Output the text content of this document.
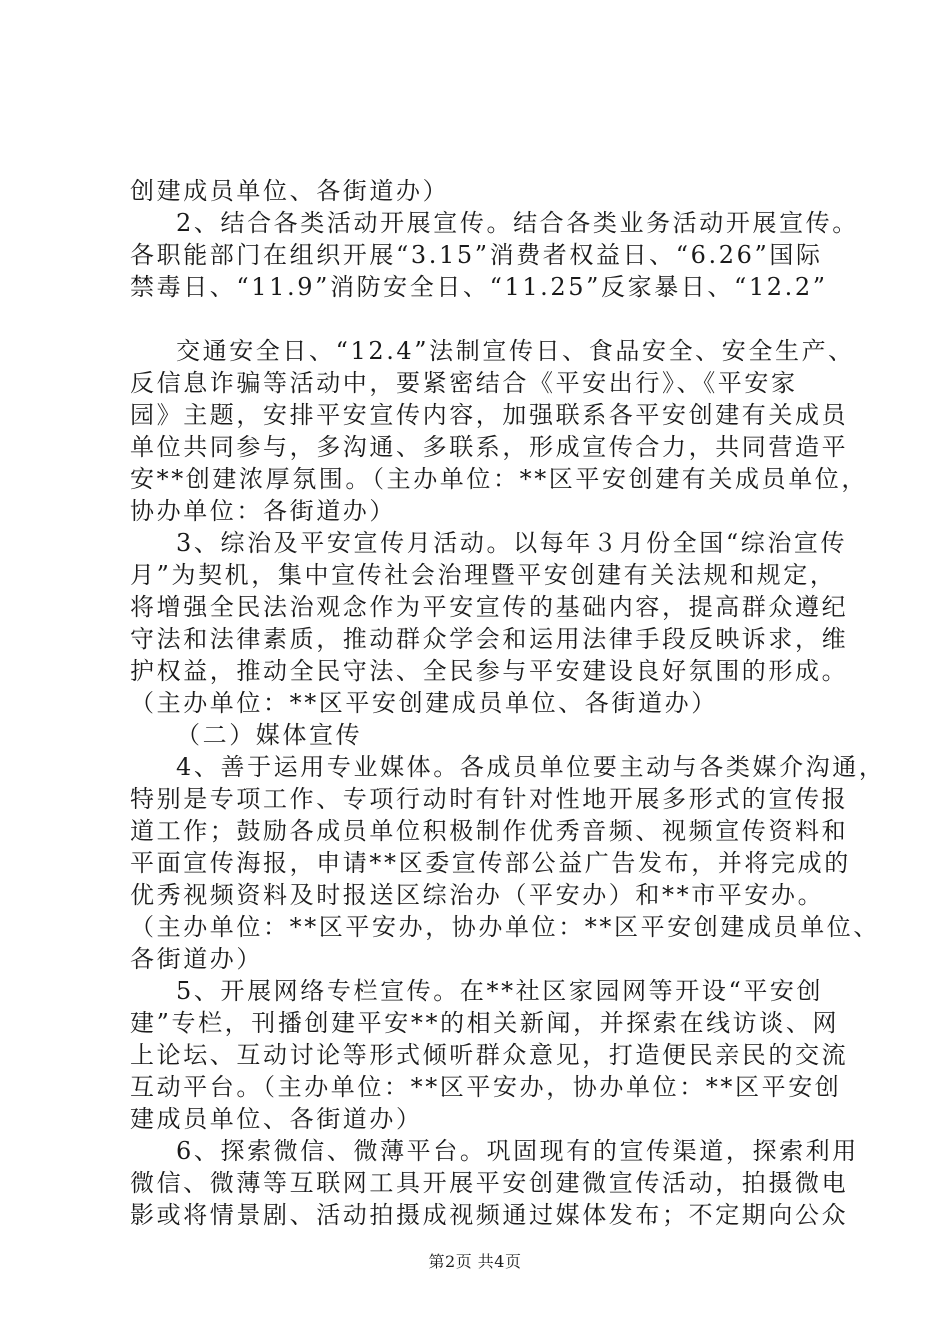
创建成员单位、各街道办）
2、结合各类活动开展宣传。结合各类业务活动开展宣传。
各职能部门在组织开展“3.15”消费者权益日、“6.26”国际
禁毒日、“11.9”消防安全日、“11.25”反家暴日、“12.2”
交通安全日、“12.4”法制宣传日、食品安全、安全生产、
反信息诈骗等活动中，要紧密结合《平安出行》、《平安家
园》主题，安排平安宣传内容，加强联系各平安创建有关成员
单位共同参与，多沟通、多联系，形成宣传合力，共同营造平
安**创建浓厚氛围。（主办单位：**区平安创建有关成员单位，
协办单位：各街道办）
3、综治及平安宣传月活动。以每年３月份全国“综治宣传
月”为契机，集中宣传社会治理暨平安创建有关法规和规定，
将增强全民法治观念作为平安宣传的基础内容，提高群众遵纪
守法和法律素质，推动群众学会和运用法律手段反映诉求，维
护权益，推动全民守法、全民参与平安建设良好氛围的形成。
（主办单位：**区平安创建成员单位、各街道办）
（二）媒体宣传
4、善于运用专业媒体。各成员单位要主动与各类媒介沟通，
特别是专项工作、专项行动时有针对性地开展多形式的宣传报
道工作；鼓励各成员单位积极制作优秀音频、视频宣传资料和
平面宣传海报，申请**区委宣传部公益广告发布，并将完成的
优秀视频资料及时报送区综治办（平安办）和**市平安办。
（主办单位：**区平安办，协办单位：**区平安创建成员单位、
各街道办）
5、开展网络专栏宣传。在**社区家园网等开设“平安创
建”专栏，刊播创建平安**的相关新闻，并探索在线访谈、网
上论坛、互动讨论等形式倾听群众意见，打造便民亲民的交流
互动平台。（主办单位：**区平安办，协办单位：**区平安创
建成员单位、各街道办）
6、探索微信、微薄平台。巩固现有的宣传渠道，探索利用
微信、微薄等互联网工具开展平安创建微宣传活动，拍摄微电
影或将情景剧、活动拍摄成视频通过媒体发布；不定期向公众
第2页 共4页
